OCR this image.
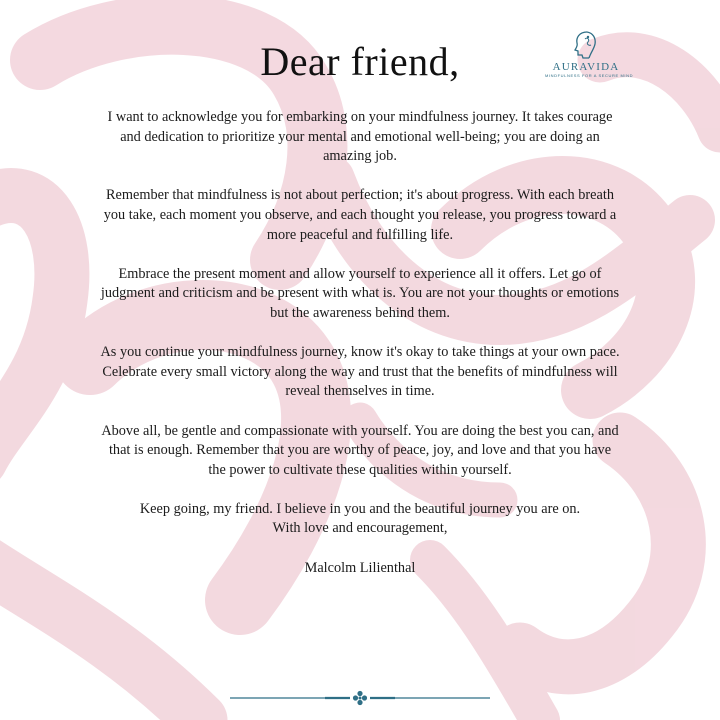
Dear friend,	AURAVIDA
MINDFULNESS FOR A SECURE MIND

I want to acknowledge you for embarking on your mindfulness journey. It takes courage and dedication to prioritize your mental and emotional well-being; you are doing an amazing job.

Remember that mindfulness is not about perfection; it's about progress. With each breath you take, each moment you observe, and each thought you release, you progress toward a more peaceful and fulfilling life.

Embrace the present moment and allow yourself to experience all it offers. Let go of judgment and criticism and be present with what is. You are not your thoughts or emotions but the awareness behind them.

As you continue your mindfulness journey, know it's okay to take things at your own pace. Celebrate every small victory along the way and trust that the benefits of mindfulness will reveal themselves in time.

Above all, be gentle and compassionate with yourself. You are doing the best you can, and that is enough. Remember that you are worthy of peace, joy, and love and that you have the power to cultivate these qualities within yourself.

Keep going, my friend. I believe in you and the beautiful journey you are on.

With love and encouragement,

Malcolm Lilienthal
